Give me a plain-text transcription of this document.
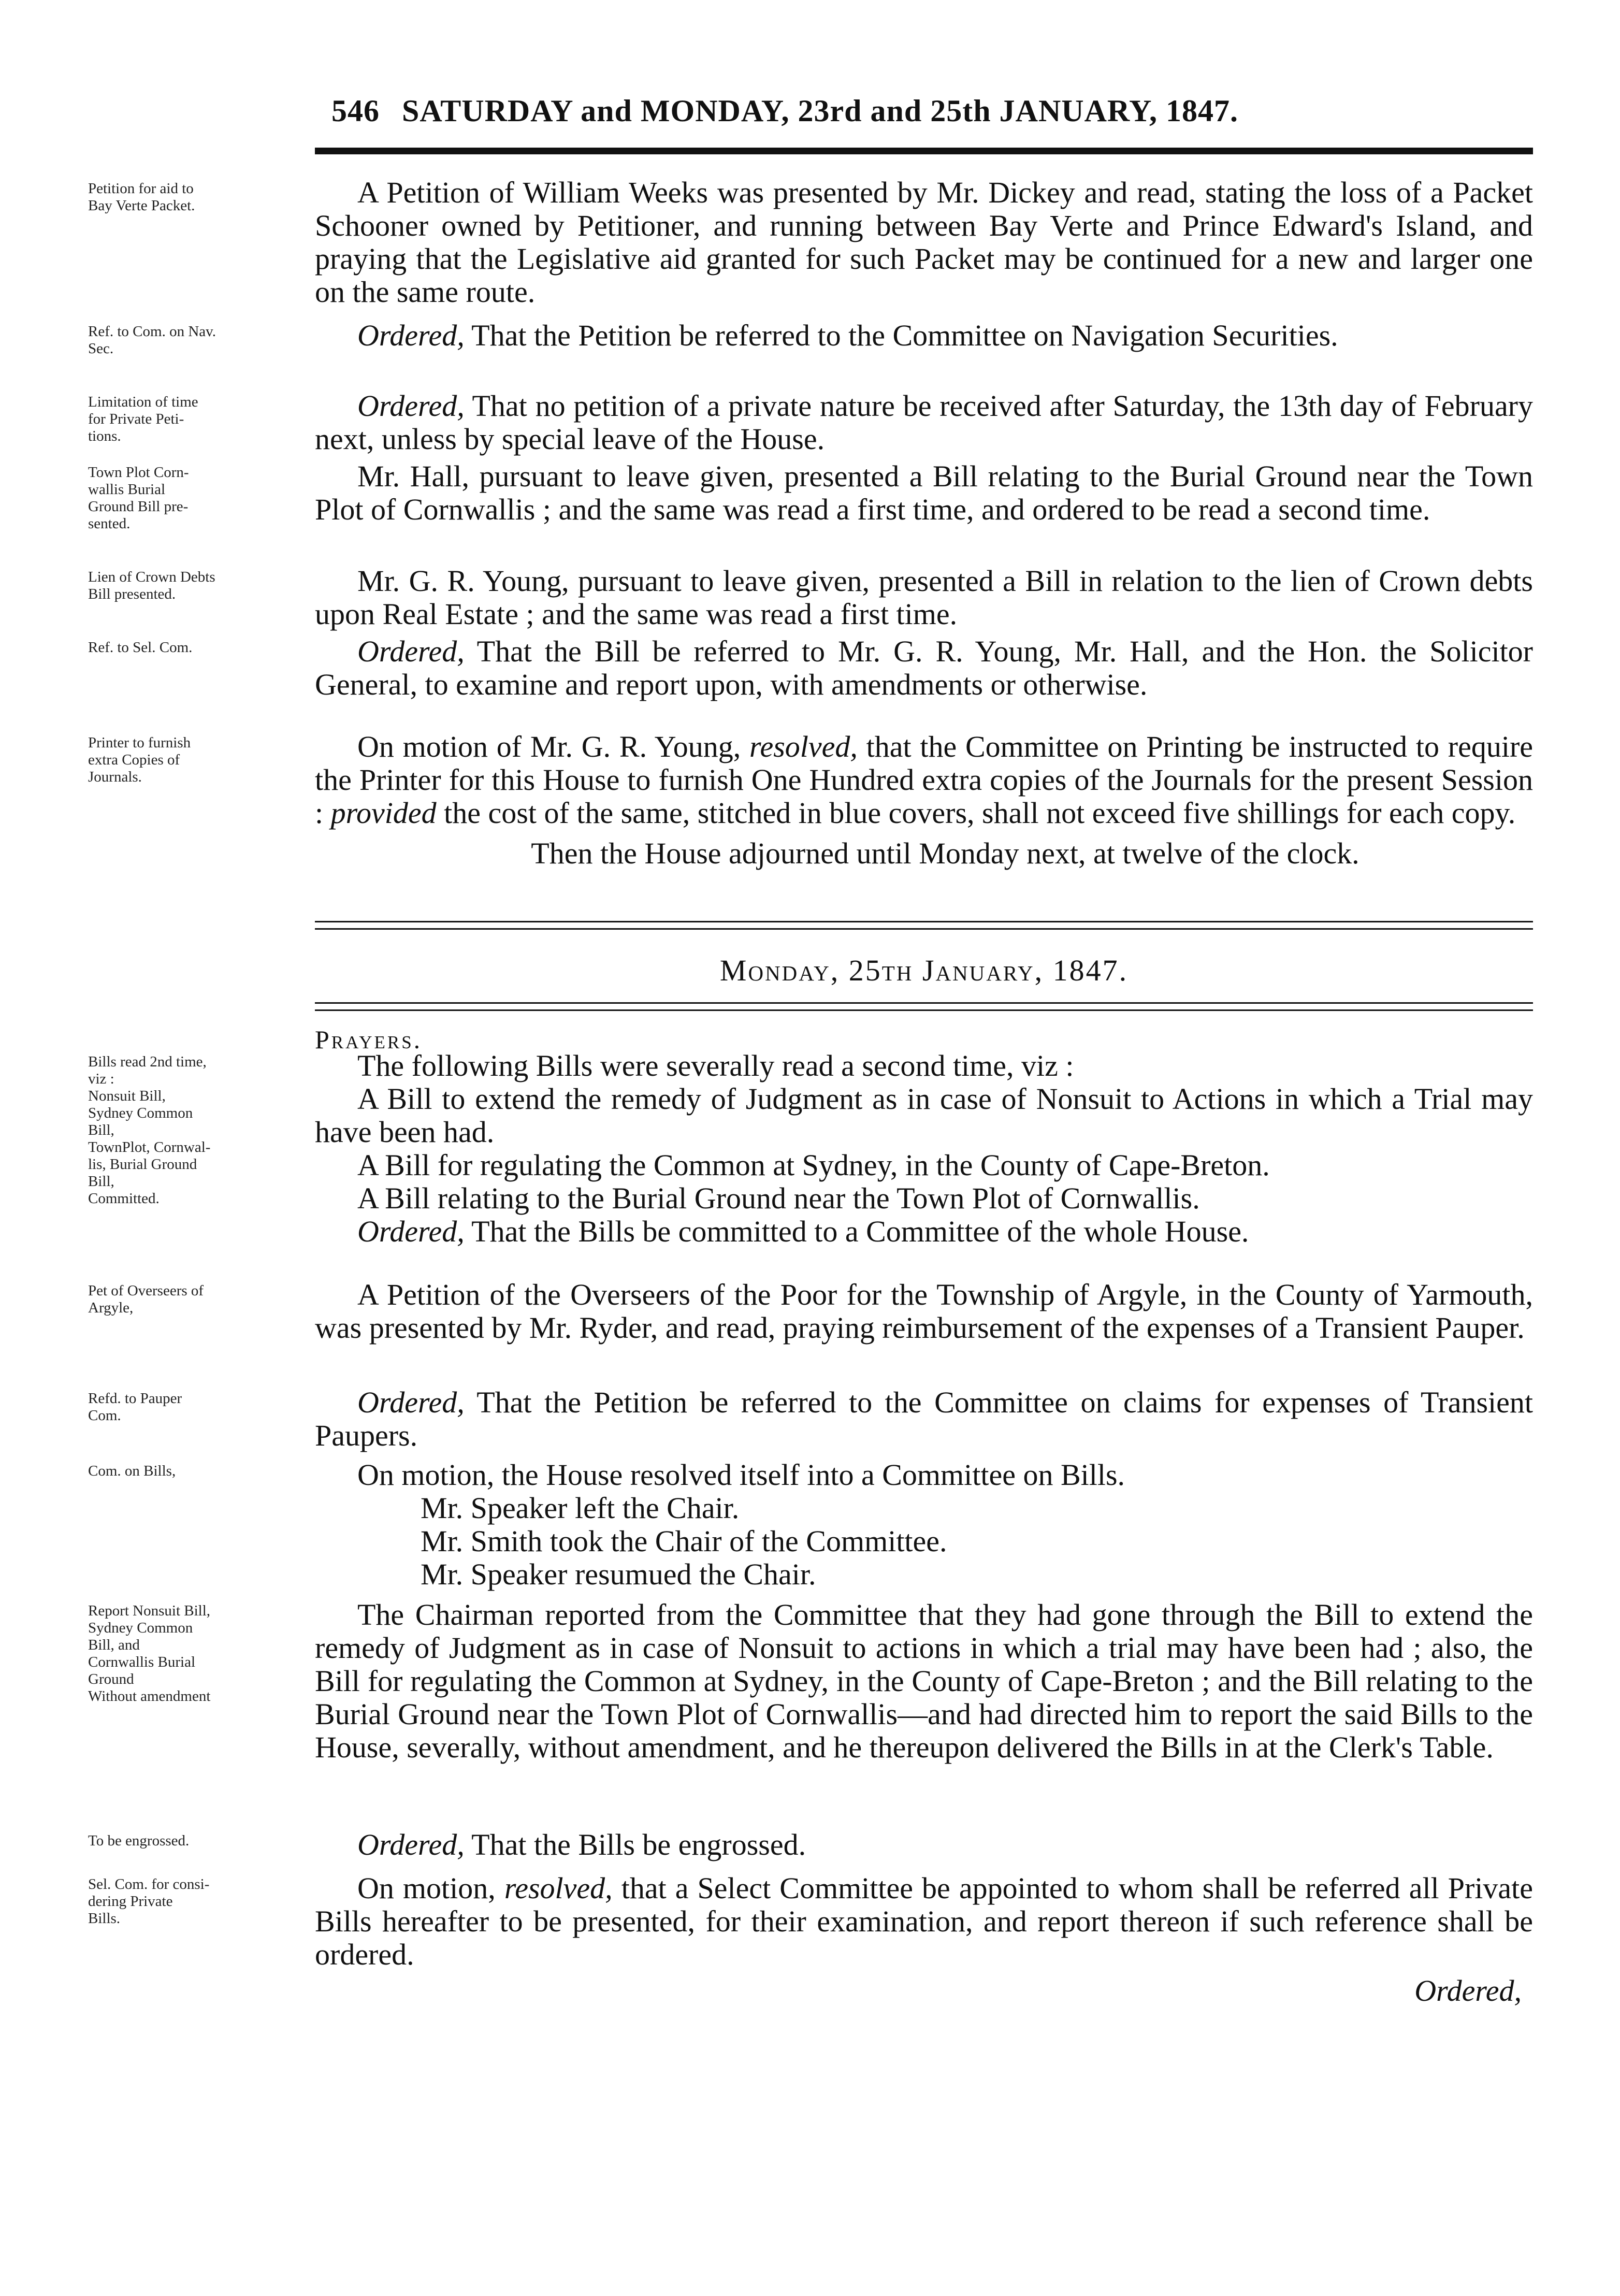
546 SATURDAY and MONDAY, 23rd and 25th JANUARY, 1847.
Petition for aid to
Bay Verte Packet.	A Petition of William Weeks was presented by Mr. Dickey and read, stating the loss of a Packet Schooner owned by Petitioner, and running between Bay Verte and Prince Edward's Island, and praying that the Legislative aid granted for such Packet may be continued for a new and larger one on the same route.
Ref. to Com. on Nav.
Sec.	Ordered, That the Petition be referred to the Committee on Navigation Securities.
Limitation of time
for Private Peti-
tions.
Ordered, That no petition of a private nature be received after Saturday, the 13th day of February next, unless by special leave of the House.
Town Plot Corn-
wallis Burial
Ground Bill pre-
sented.
Mr. Hall, pursuant to leave given, presented a Bill relating to the Burial Ground near the Town Plot of Cornwallis ; and the same was read a first time, and ordered to be read a second time.
Lien of Crown Debts
Bill presented.	Mr. G. R. Young, pursuant to leave given, presented a Bill in relation to the lien of Crown debts upon Real Estate ; and the same was read a first time.
Ref. to Sel. Com.	Ordered, That the Bill be referred to Mr. G. R. Young, Mr. Hall, and the Hon. the Solicitor General, to examine and report upon, with amendments or otherwise.
Printer to furnish
extra Copies of
Journals.
On motion of Mr. G. R. Young, resolved, that the Committee on Printing be instructed to require the Printer for this House to furnish One Hundred extra copies of the Journals for the present Session : provided the cost of the same, stitched in blue covers, shall not exceed five shillings for each copy.
Then the House adjourned until Monday next, at twelve of the clock.
Monday, 25th January, 1847.
Prayers.
Bills read 2nd time,
viz :
Nonsuit Bill,
Sydney Common
Bill,
TownPlot, Cornwal-
lis, Burial Ground
Bill,
Committed.
The following Bills were severally read a second time, viz :
A Bill to extend the remedy of Judgment as in case of Nonsuit to Actions in which a Trial may have been had.
A Bill for regulating the Common at Sydney, in the County of Cape-Breton.
A Bill relating to the Burial Ground near the Town Plot of Cornwallis.
Ordered, That the Bills be committed to a Committee of the whole House.
Pet of Overseers of
Argyle,	A Petition of the Overseers of the Poor for the Township of Argyle, in the County of Yarmouth, was presented by Mr. Ryder, and read, praying reimbursement of the expenses of a Transient Pauper.
Refd. to Pauper
Com.	Ordered, That the Petition be referred to the Committee on claims for expenses of Transient Paupers.
Com. on Bills,	On motion, the House resolved itself into a Committee on Bills.
Mr. Speaker left the Chair.
Mr. Smith took the Chair of the Committee.
Mr. Speaker resumued the Chair.
Report Nonsuit Bill,
Sydney Common
Bill, and
Cornwallis Burial
Ground
Without amendment
The Chairman reported from the Committee that they had gone through the Bill to extend the remedy of Judgment as in case of Nonsuit to actions in which a trial may have been had ; also, the Bill for regulating the Common at Sydney, in the County of Cape-Breton ; and the Bill relating to the Burial Ground near the Town Plot of Cornwallis—and had directed him to report the said Bills to the House, severally, without amendment, and he thereupon delivered the Bills in at the Clerk's Table.
To be engrossed.	Ordered, That the Bills be engrossed.
Sel. Com. for consi-
dering Private
Bills.
On motion, resolved, that a Select Committee be appointed to whom shall be referred all Private Bills hereafter to be presented, for their examination, and report thereon if such reference shall be ordered.
Ordered,
